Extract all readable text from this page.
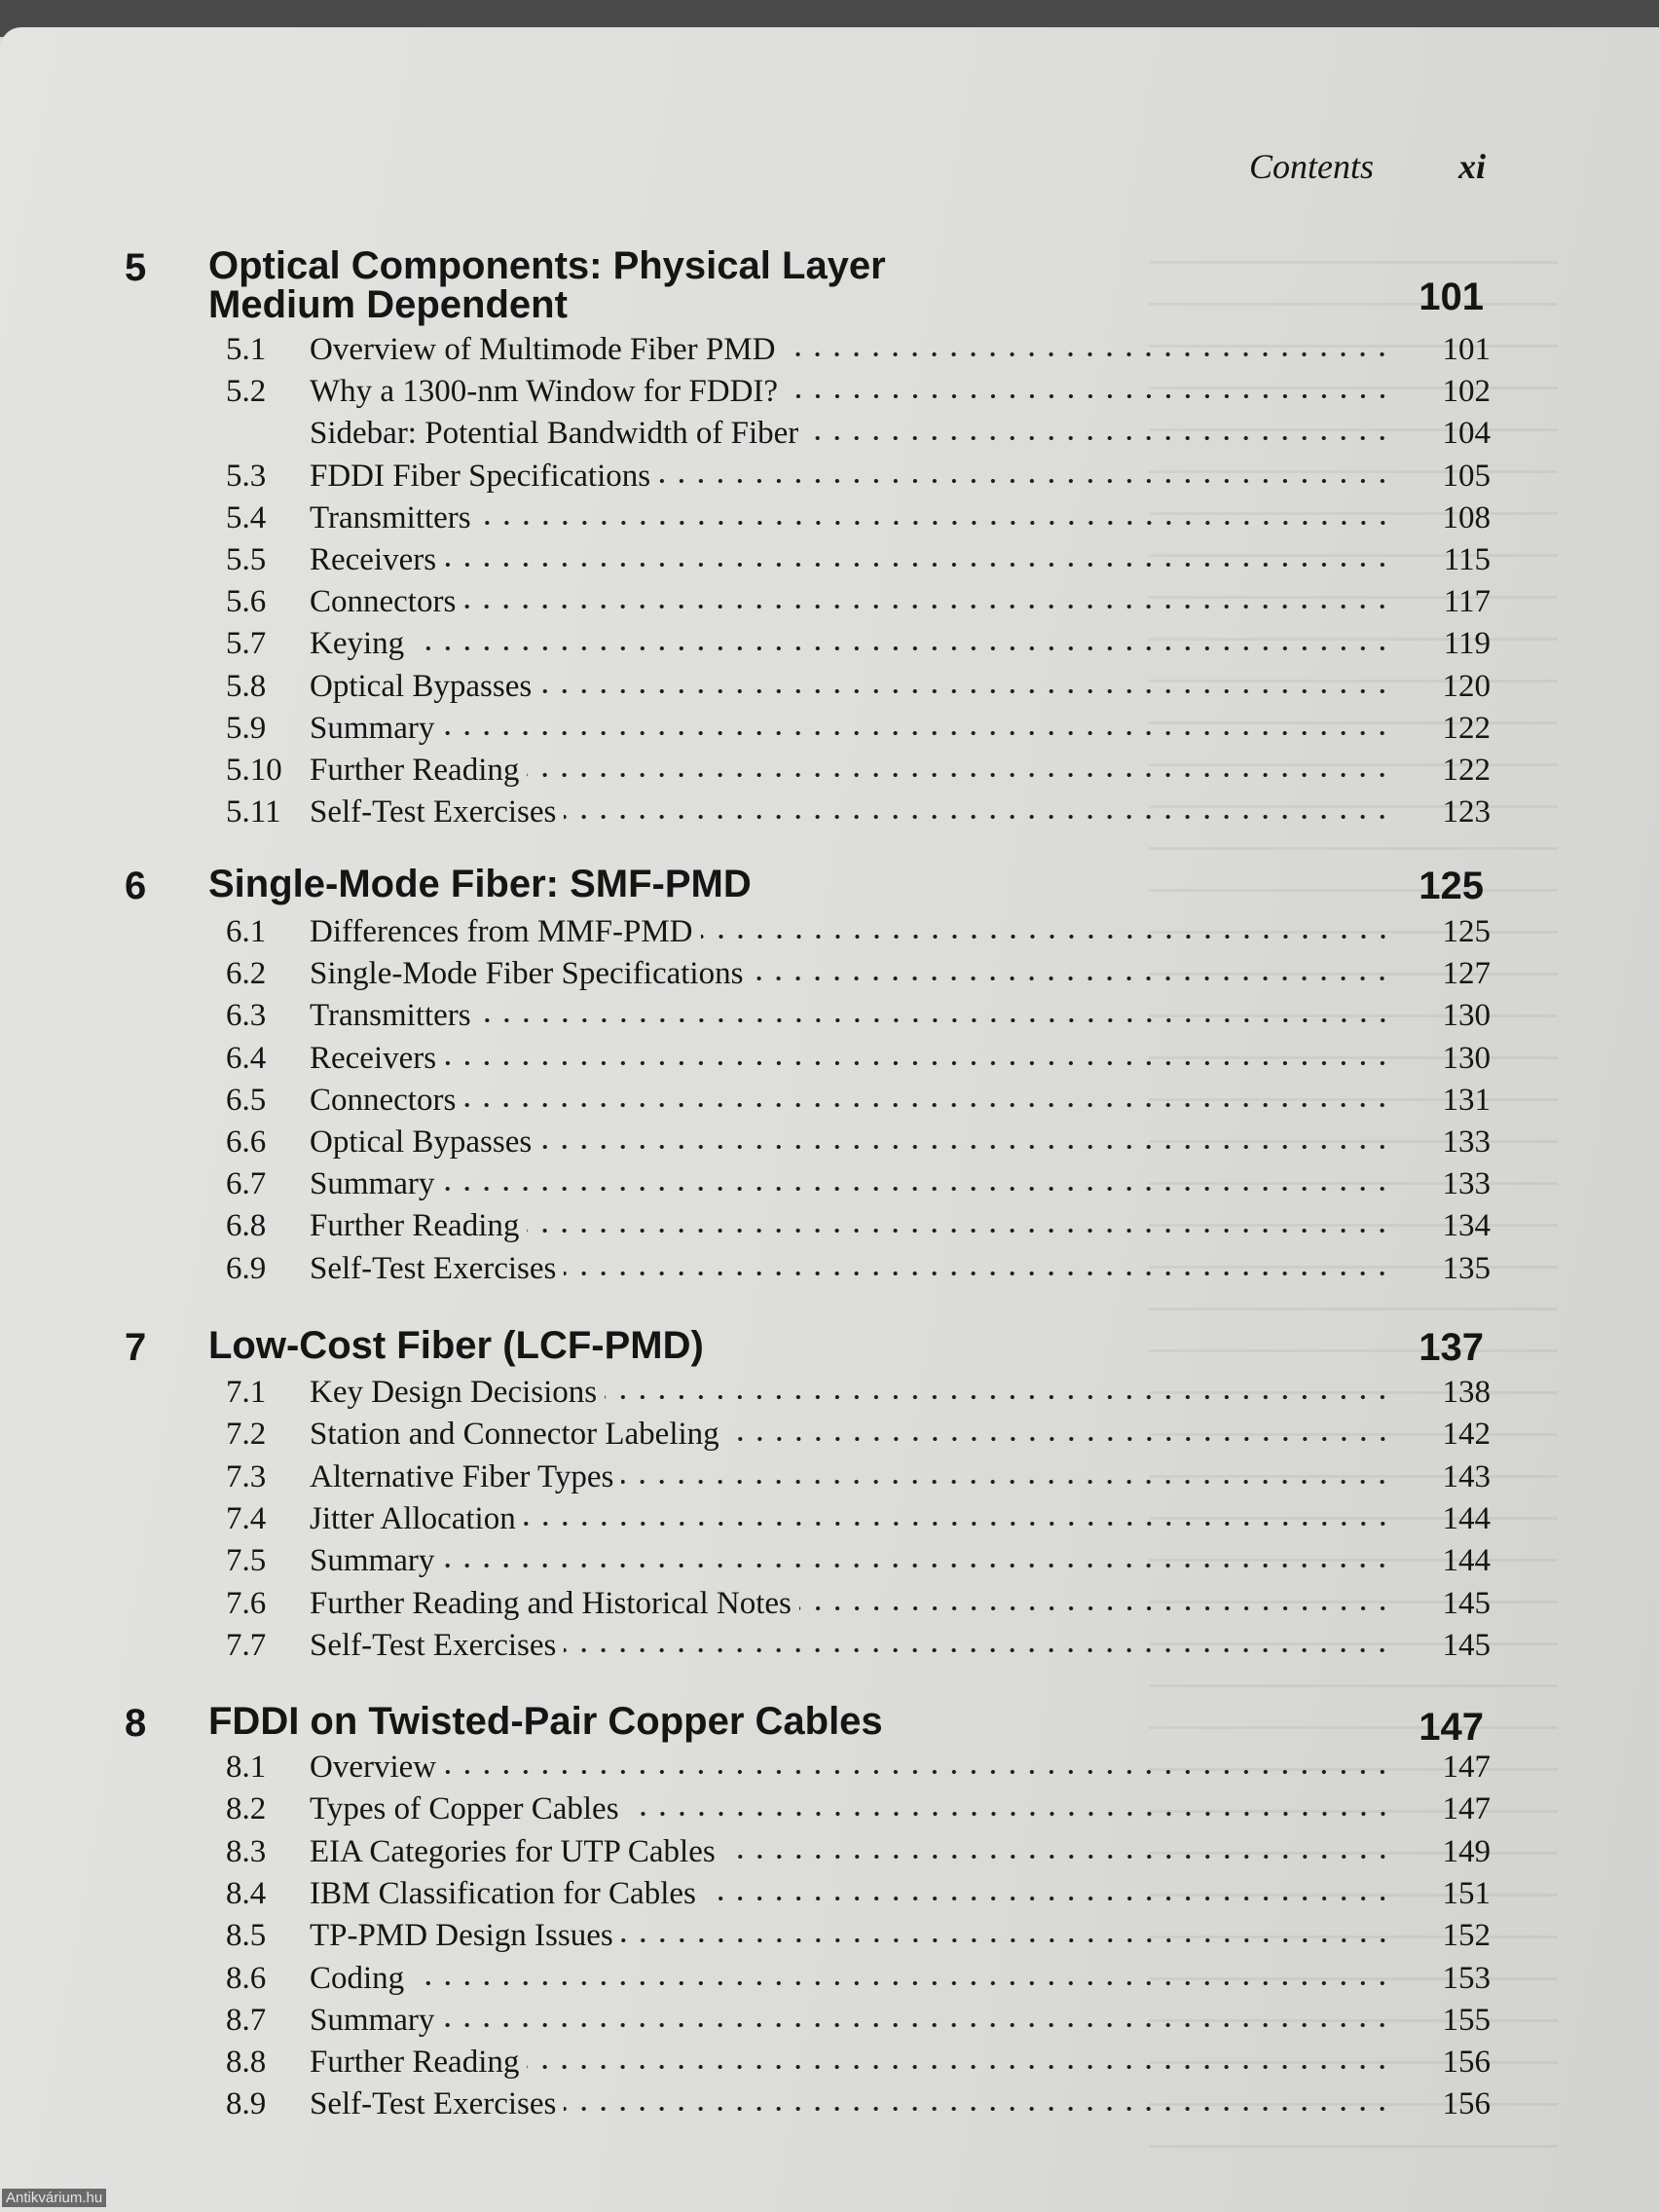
Contents xi
5 Optical Components: Physical Layer Medium Dependent	101
5.1 Overview of Multimode Fiber PMD	101
5.2 Why a 1300-nm Window for FDDI?	102
Sidebar: Potential Bandwidth of Fiber	104
5.3 FDDI Fiber Specifications	105
5.4 Transmitters	108
5.5 Receivers	115
5.6 Connectors	117
5.7 Keying	119
5.8 Optical Bypasses	120
5.9 Summary	122
5.10 Further Reading	122
5.11 Self-Test Exercises	123
6 Single-Mode Fiber: SMF-PMD	125
6.1 Differences from MMF-PMD	125
6.2 Single-Mode Fiber Specifications	127
6.3 Transmitters	130
6.4 Receivers	130
6.5 Connectors	131
6.6 Optical Bypasses	133
6.7 Summary	133
6.8 Further Reading	134
6.9 Self-Test Exercises	135
7 Low-Cost Fiber (LCF-PMD)	137
7.1 Key Design Decisions	138
7.2 Station and Connector Labeling	142
7.3 Alternative Fiber Types	143
7.4 Jitter Allocation	144
7.5 Summary	144
7.6 Further Reading and Historical Notes	145
7.7 Self-Test Exercises	145
8 FDDI on Twisted-Pair Copper Cables	147
8.1 Overview	147
8.2 Types of Copper Cables	147
8.3 EIA Categories for UTP Cables	149
8.4 IBM Classification for Cables	151
8.5 TP-PMD Design Issues	152
8.6 Coding	153
8.7 Summary	155
8.8 Further Reading	156
8.9 Self-Test Exercises	156
Antikvárium.hu
